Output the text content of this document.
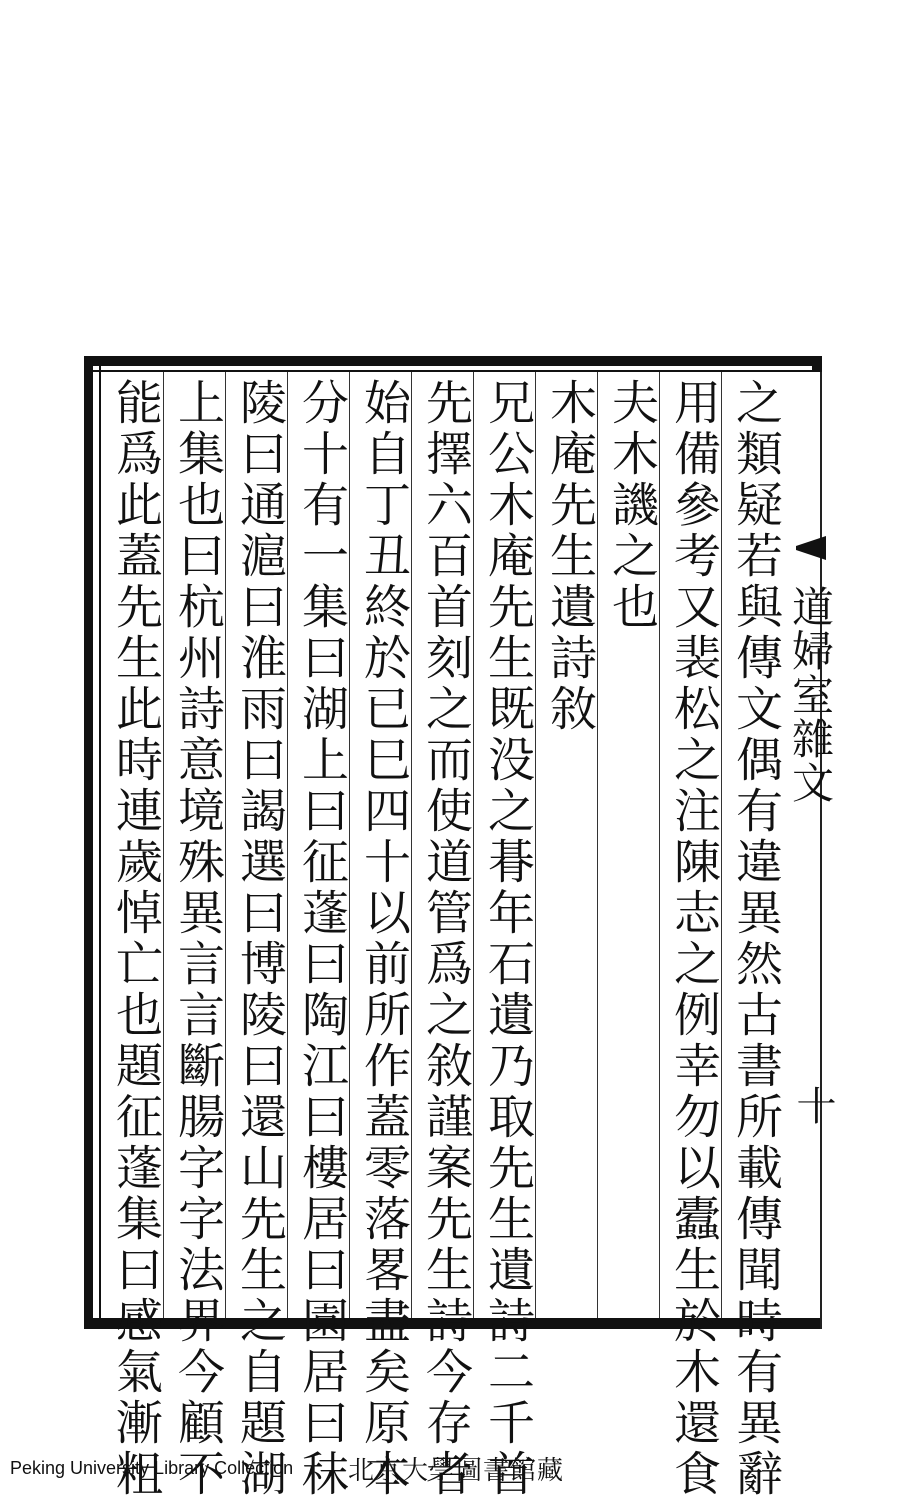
道婦室雜文
十
之類疑若與傳文偶有違異然古書所載傳聞時有異辭
用備參考又裴松之注陳志之例幸勿以蠹生於木還食
夫木譏之也
木庵先生遺詩敘
兄公木庵先生既没之朞年石遺乃取先生遺詩二千首
先擇六百首刻之而使道管爲之敘謹案先生詩今存者
始自丁丑終於已巳四十以前所作蓋零落畧盡矣原本
分十有一集曰湖上曰征蓬曰陶江曰樓居曰園居曰秣
陵曰通滬曰淮雨曰謁選曰博陵曰還山先生之自題湖
上集也曰杭州詩意境殊異言言斷腸字字法界今顧不
能爲此蓋先生此時連歲悼亡也題征蓬集曰感氣漸粗
Peking University Library Collection 北京大學圖書館藏
